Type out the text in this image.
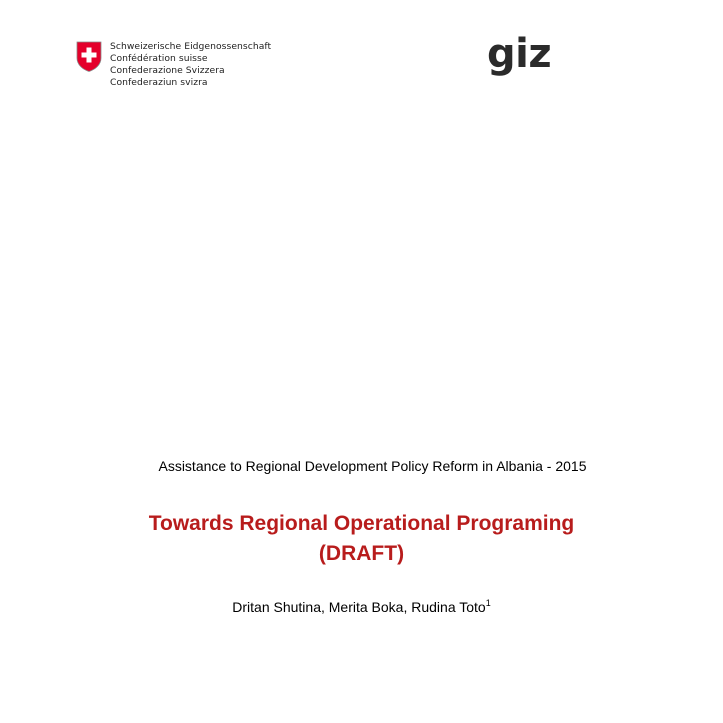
Schweizerische Eidgenossenschaft
Confédération suisse
Confederazione Svizzera
Confederaziun svizra
giz
Assistance to Regional Development Policy Reform in Albania - 2015
Towards Regional Operational Programing
(DRAFT)
Dritan Shutina, Merita Boka, Rudina Toto$^1$
